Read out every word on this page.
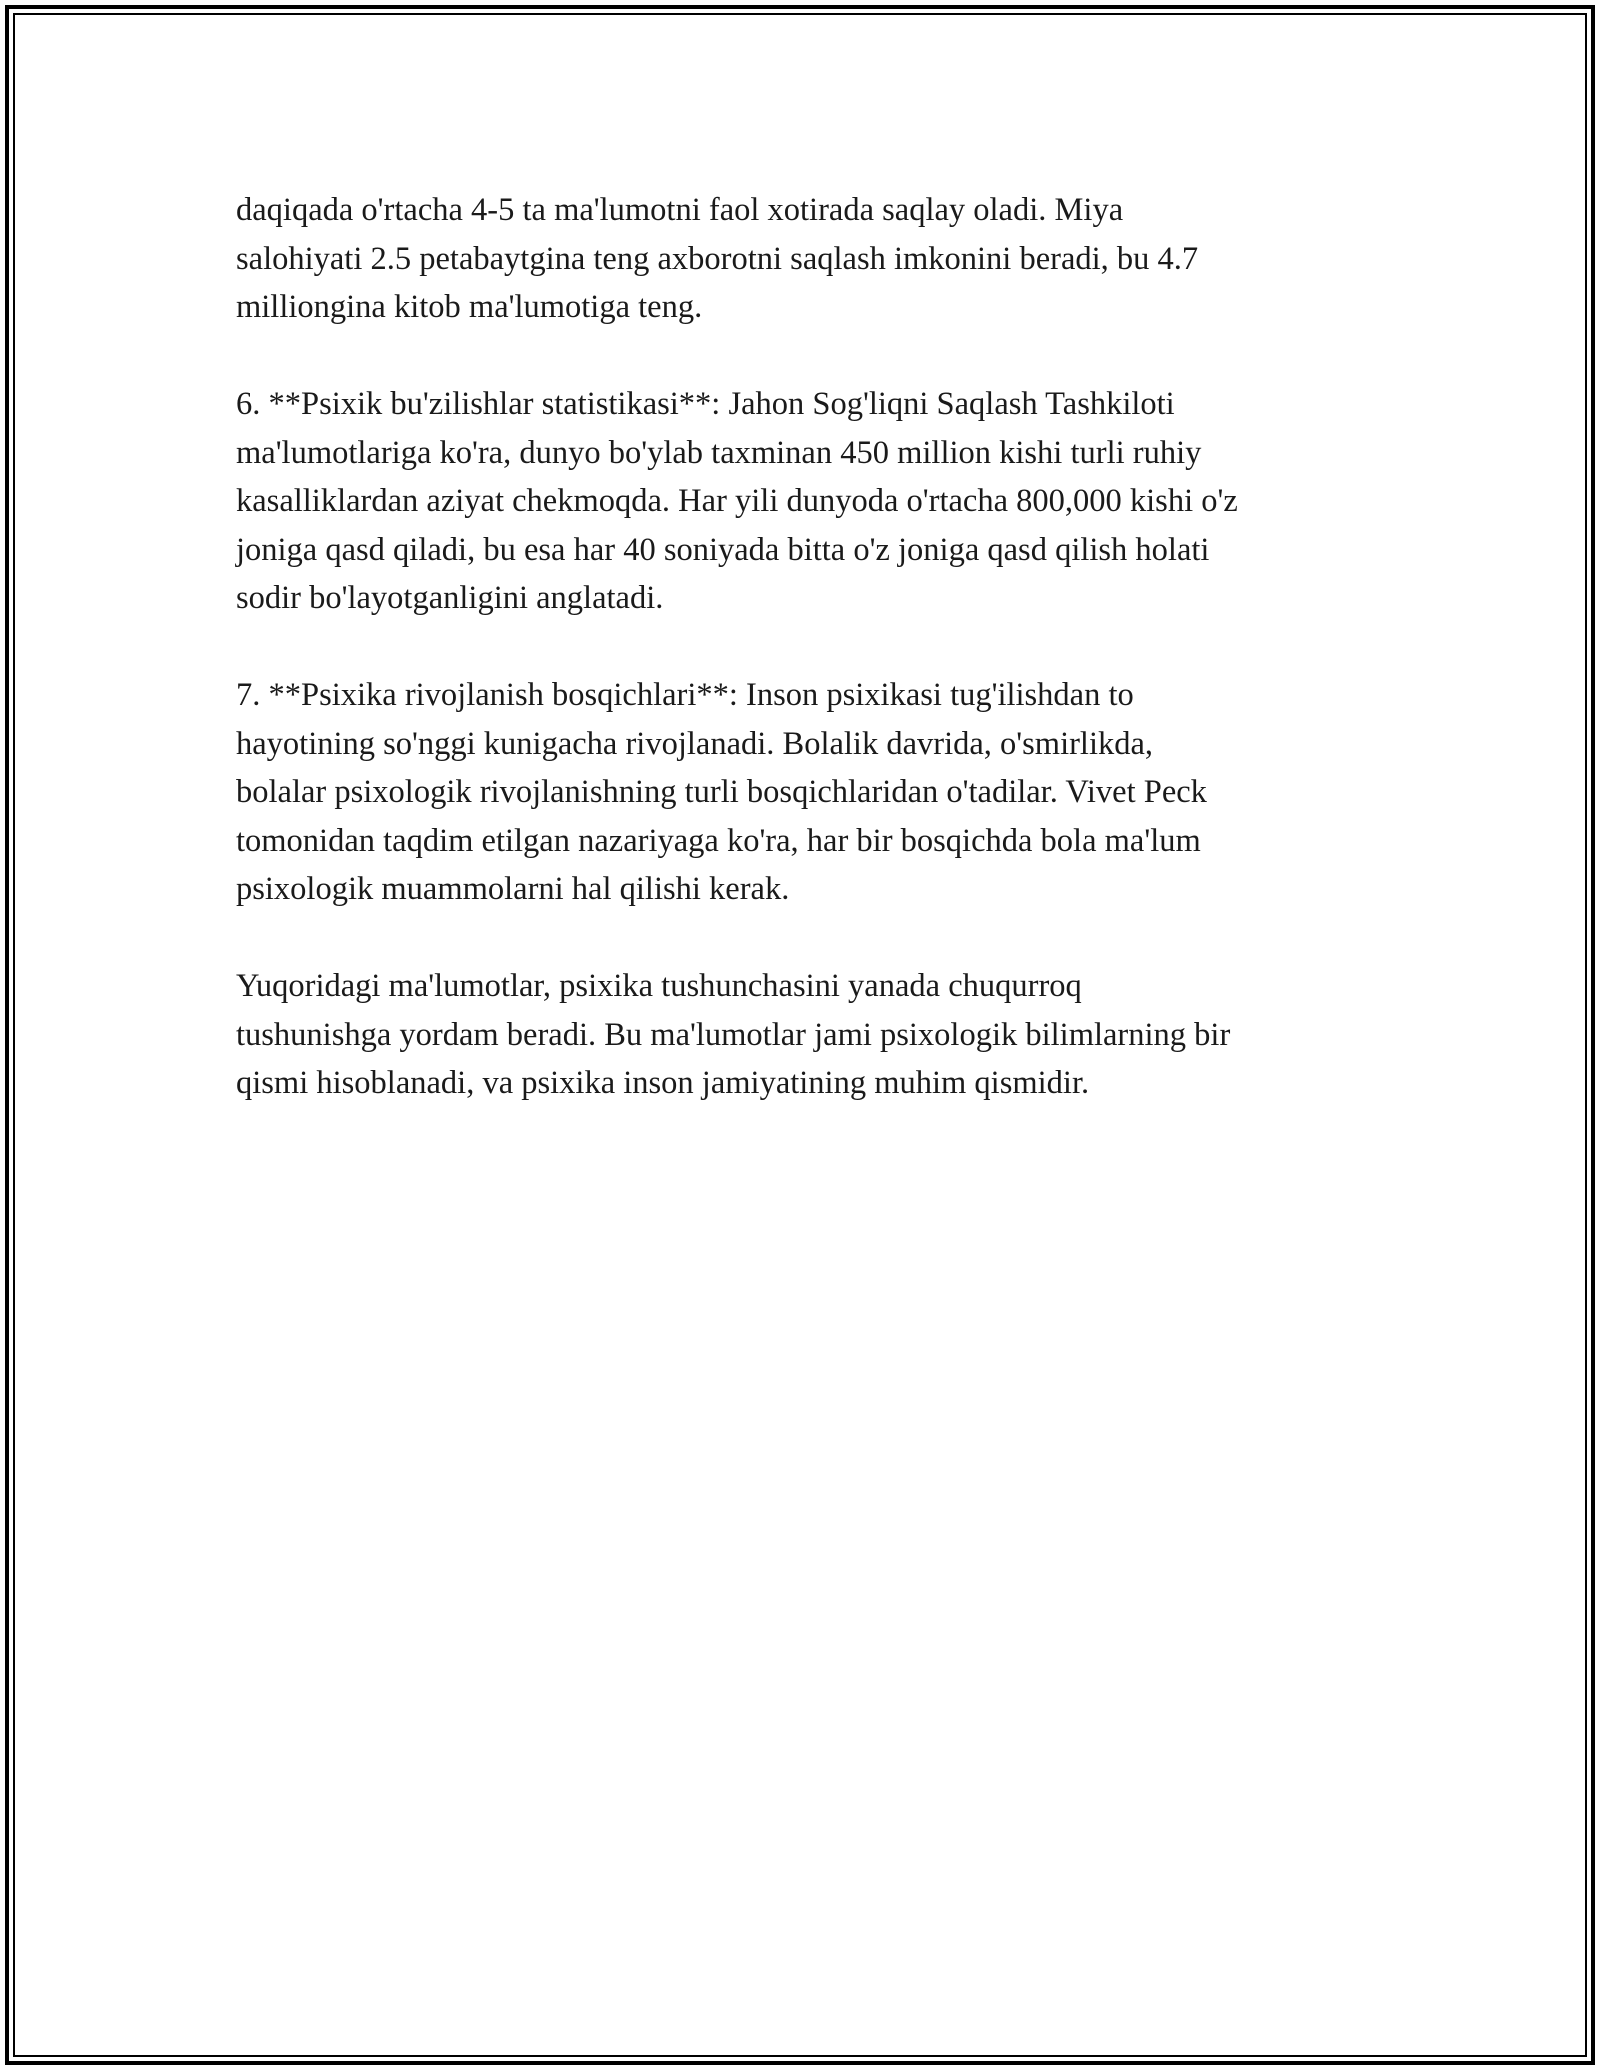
daqiqada o'rtacha 4-5 ta ma'lumotni faol xotirada saqlay oladi. Miya
salohiyati 2.5 petabaytgina teng axborotni saqlash imkonini beradi, bu 4.7
milliongina kitob ma'lumotiga teng.

6. **Psixik bu'zilishlar statistikasi**: Jahon Sog'liqni Saqlash Tashkiloti
ma'lumotlariga ko'ra, dunyo bo'ylab taxminan 450 million kishi turli ruhiy
kasalliklardan aziyat chekmoqda. Har yili dunyoda o'rtacha 800,000 kishi o'z
joniga qasd qiladi, bu esa har 40 soniyada bitta o'z joniga qasd qilish holati
sodir bo'layotganligini anglatadi.

7. **Psixika rivojlanish bosqichlari**: Inson psixikasi tug'ilishdan to
hayotining so'nggi kunigacha rivojlanadi. Bolalik davrida, o'smirlikda,
bolalar psixologik rivojlanishning turli bosqichlaridan o'tadilar. Vivet Peck
tomonidan taqdim etilgan nazariyaga ko'ra, har bir bosqichda bola ma'lum
psixologik muammolarni hal qilishi kerak.

Yuqoridagi ma'lumotlar, psixika tushunchasini yanada chuqurroq
tushunishga yordam beradi. Bu ma'lumotlar jami psixologik bilimlarning bir
qismi hisoblanadi, va psixika inson jamiyatining muhim qismidir.
